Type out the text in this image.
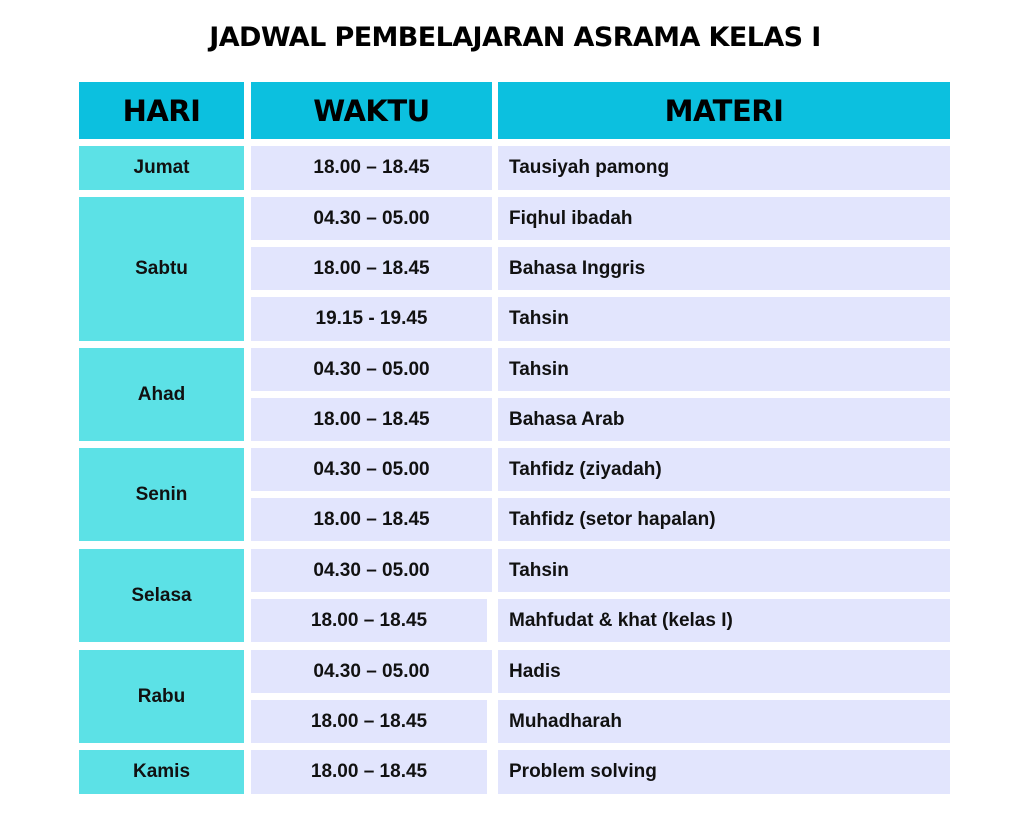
JADWAL PEMBELAJARAN ASRAMA KELAS I
HARI	WAKTU	MATERI
Jumat
Sabtu
Ahad
Senin
Selasa
Rabu
Kamis
18.00 – 18.45
04.30 – 05.00
18.00 – 18.45
19.15 - 19.45
04.30 – 05.00
18.00 – 18.45
04.30 – 05.00
18.00 – 18.45
04.30 – 05.00
18.00 – 18.45
04.30 – 05.00
18.00 – 18.45
18.00 – 18.45
Tausiyah pamong
Fiqhul ibadah
Bahasa Inggris
Tahsin
Tahsin
Bahasa Arab
Tahfidz (ziyadah)
Tahfidz (setor hapalan)
Tahsin
Mahfudat & khat (kelas I)
Hadis
Muhadharah
Problem solving
